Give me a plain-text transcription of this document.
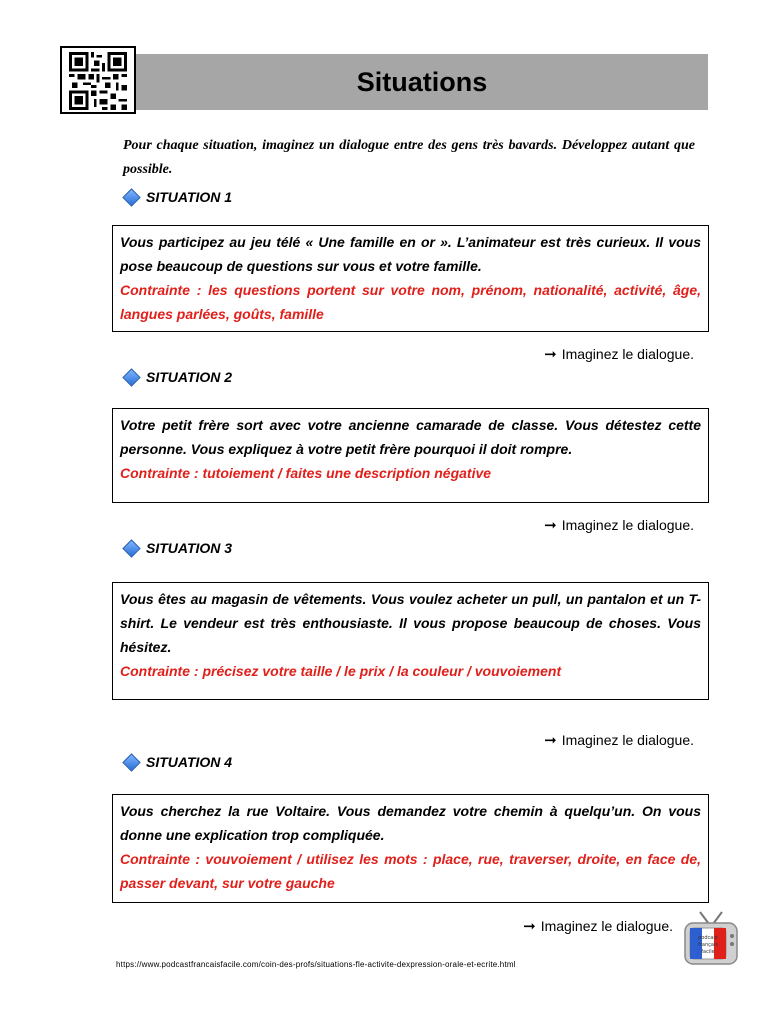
Situations

Pour chaque situation, imaginez un dialogue entre des gens très bavards. Développez autant que possible.

SITUATION 1

Vous participez au jeu télé « Une famille en or ». L’animateur est très curieux. Il vous pose beaucoup de questions sur vous et votre famille.

Contrainte : les questions portent sur votre nom, prénom, nationalité, activité, âge, langues parlées, goûts, famille

➞ Imaginez le dialogue.
SITUATION 2

Votre petit frère sort avec votre ancienne camarade de classe. Vous détestez cette personne. Vous expliquez à votre petit frère pourquoi il doit rompre.

Contrainte : tutoiement / faites une description négative

➞ Imaginez le dialogue.
SITUATION 3

Vous êtes au magasin de vêtements. Vous voulez acheter un pull, un pantalon et un T-shirt. Le vendeur est très enthousiaste. Il vous propose beaucoup de choses. Vous hésitez.

Contrainte : précisez votre taille / le prix / la couleur / vouvoiement

➞ Imaginez le dialogue.
SITUATION 4

Vous cherchez la rue Voltaire. Vous demandez votre chemin à quelqu’un. On vous donne une explication trop compliquée.

Contrainte : vouvoiement / utilisez les mots : place, rue, traverser, droite, en face de, passer devant, sur votre gauche

➞ Imaginez le dialogue.
https://www.podcastfrancaisfacile.com/coin-des-profs/situations-fle-activite-dexpression-orale-et-ecrite.html
podcast
français
facile
